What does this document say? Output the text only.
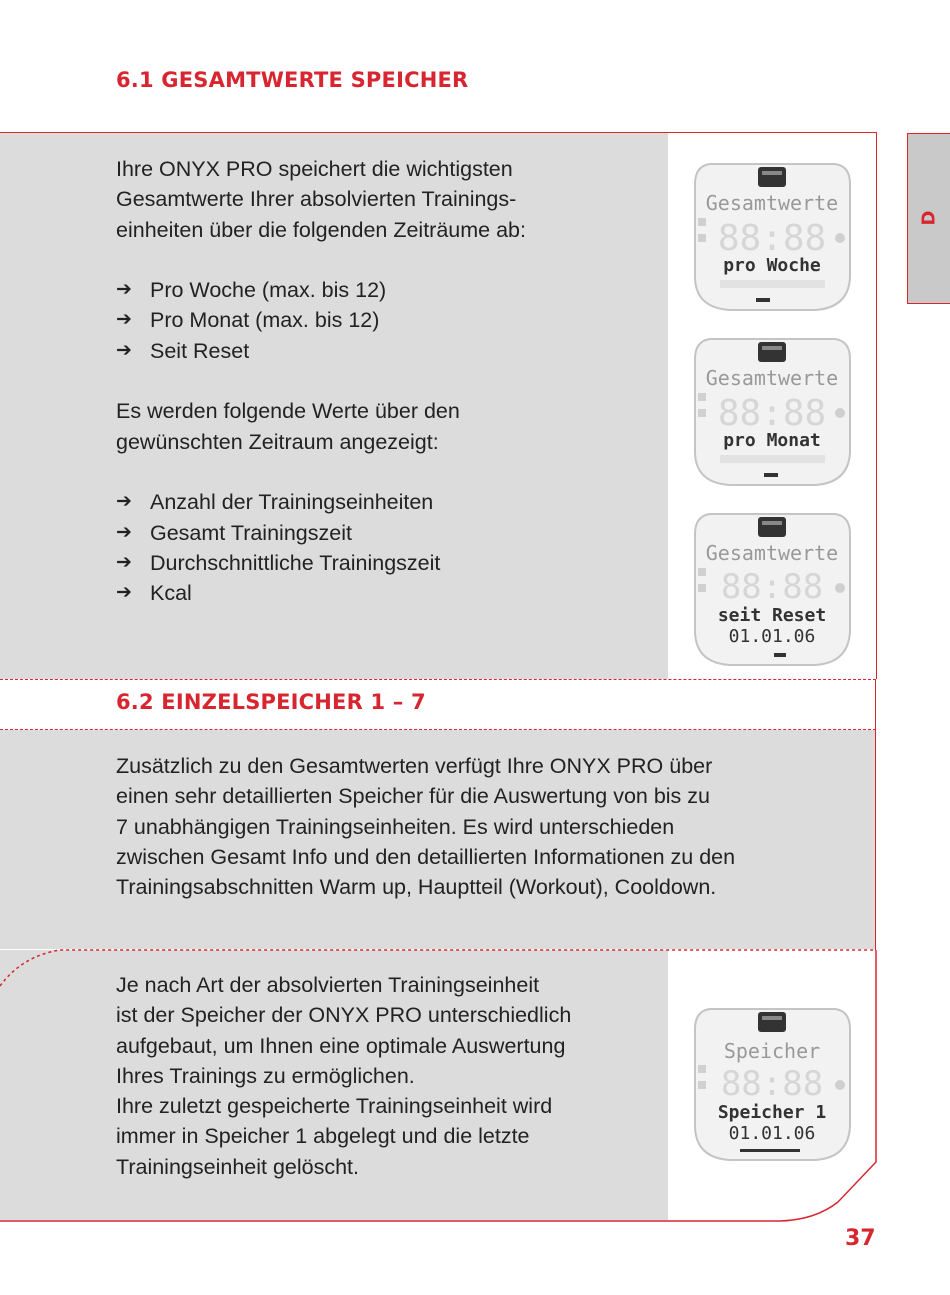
6.1 GESAMTWERTE SPEICHER

Ihre ONYX PRO speichert die wichtigsten

Gesamtwerte Ihrer absolvierten Trainings-

einheiten über die folgenden Zeiträume ab:

➔ Pro Woche (max. bis 12)
➔ Pro Monat (max. bis 12)
➔ Seit Reset

Es werden folgende Werte über den

gewünschten Zeitraum angezeigt:

➔ Anzahl der Trainingseinheiten
➔ Gesamt Trainingszeit
➔ Durchschnittliche Trainingszeit
➔ Kcal
6.2 EINZELSPEICHER 1 – 7

Zusätzlich zu den Gesamtwerten verfügt Ihre ONYX PRO über

einen sehr detaillierten Speicher für die Auswertung von bis zu

7 unabhängigen Trainingseinheiten. Es wird unterschieden

zwischen Gesamt Info und den detaillierten Informationen zu den

Trainingsabschnitten Warm up, Hauptteil (Workout), Cooldown.

Je nach Art der absolvierten Trainingseinheit

ist der Speicher der ONYX PRO unterschiedlich

aufgebaut, um Ihnen eine optimale Auswertung

Ihres Trainings zu ermöglichen.

Ihre zuletzt gespeicherte Trainingseinheit wird

immer in Speicher 1 abgelegt und die letzte

Trainingseinheit gelöscht.

Gesamtwerte
88:88
pro Woche
Gesamtwerte
88:88
pro Monat
Gesamtwerte
88:88
seit Reset
01.01.06
Speicher
88:88
Speicher 1
01.01.06
D
37
